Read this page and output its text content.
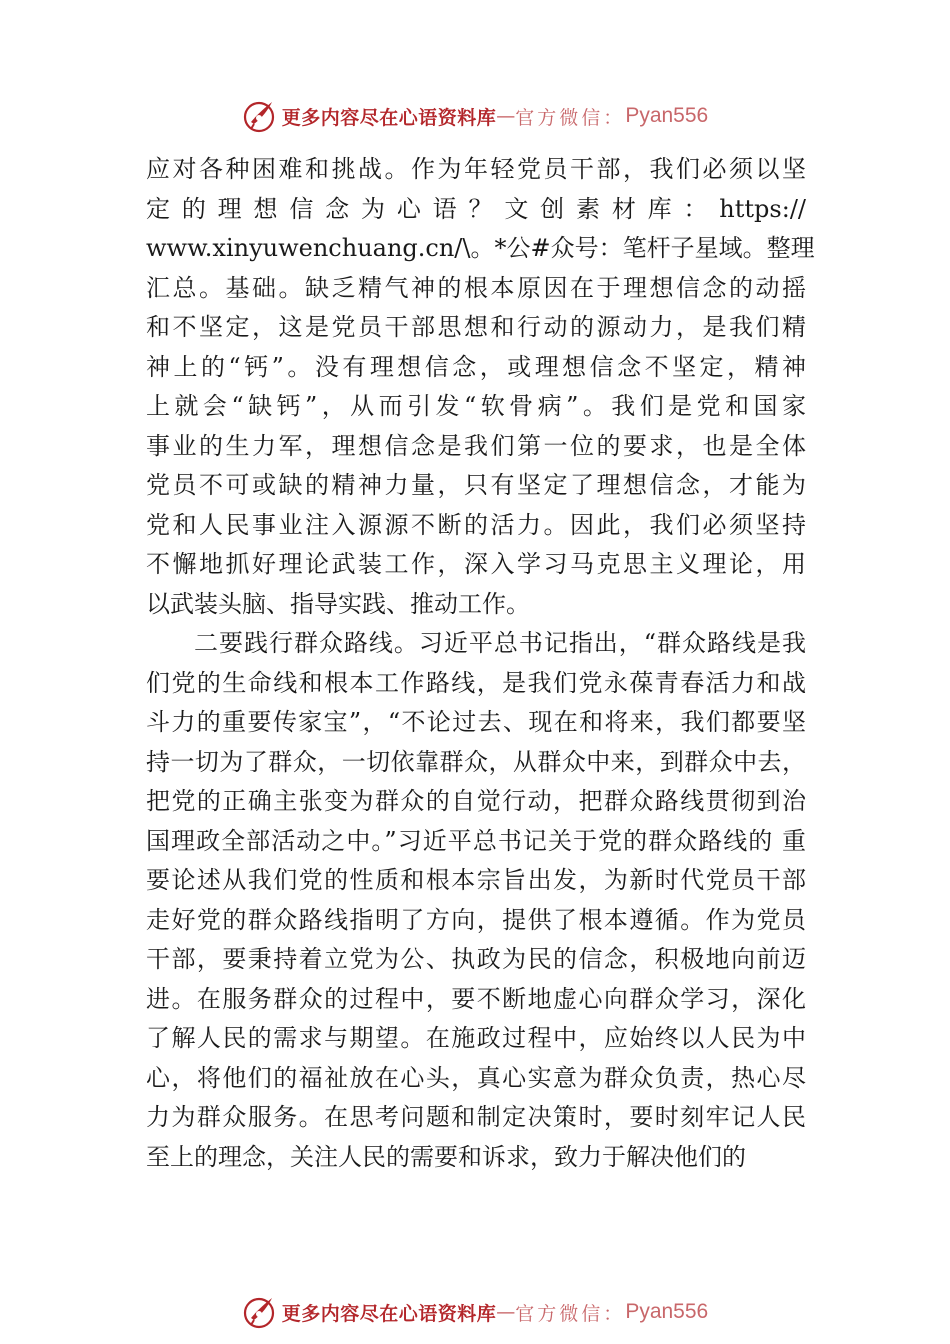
更多内容尽在心语资料库 — 官方微信： Pyan556
应对各种困难和挑战。作为年轻党员干部，我们必须以坚
定的理想信念为心语？文创素材库：https://
www.xinyuwenchuang.cn/\。*公#众号：笔杆子星域。整理
汇总。基础。缺乏精气神的根本原因在于理想信念的动摇
和不坚定，这是党员干部思想和行动的源动力，是我们精
神上的“钙”。没有理想信念，或理想信念不坚定，精神
上就会“缺钙”，从而引发“软骨病”。我们是党和国家
事业的生力军，理想信念是我们第一位的要求，也是全体
党员不可或缺的精神力量，只有坚定了理想信念，才能为
党和人民事业注入源源不断的活力。因此，我们必须坚持
不懈地抓好理论武装工作，深入学习马克思主义理论，用
以武装头脑、指导实践、推动工作。
二要践行群众路线。习近平总书记指出，“群众路线是我
们党的生命线和根本工作路线，是我们党永葆青春活力和战
斗力的重要传家宝”，“不论过去、现在和将来，我们都要坚
持一切为了群众，一切依靠群众，从群众中来，到群众中去，
把党的正确主张变为群众的自觉行动，把群众路线贯彻到治
国理政全部活动之中。”习近平总书记关于党的群众路线的 重
要论述从我们党的性质和根本宗旨出发，为新时代党员干部
走好党的群众路线指明了方向，提供了根本遵循。作为党员
干部，要秉持着立党为公、执政为民的信念，积极地向前迈
进。在服务群众的过程中，要不断地虚心向群众学习，深化
了解人民的需求与期望。在施政过程中，应始终以人民为中
心，将他们的福祉放在心头，真心实意为群众负责，热心尽
力为群众服务。在思考问题和制定决策时，要时刻牢记人民
至上的理念，关注人民的需要和诉求，致力于解决他们的
更多内容尽在心语资料库 — 官方微信： Pyan556
